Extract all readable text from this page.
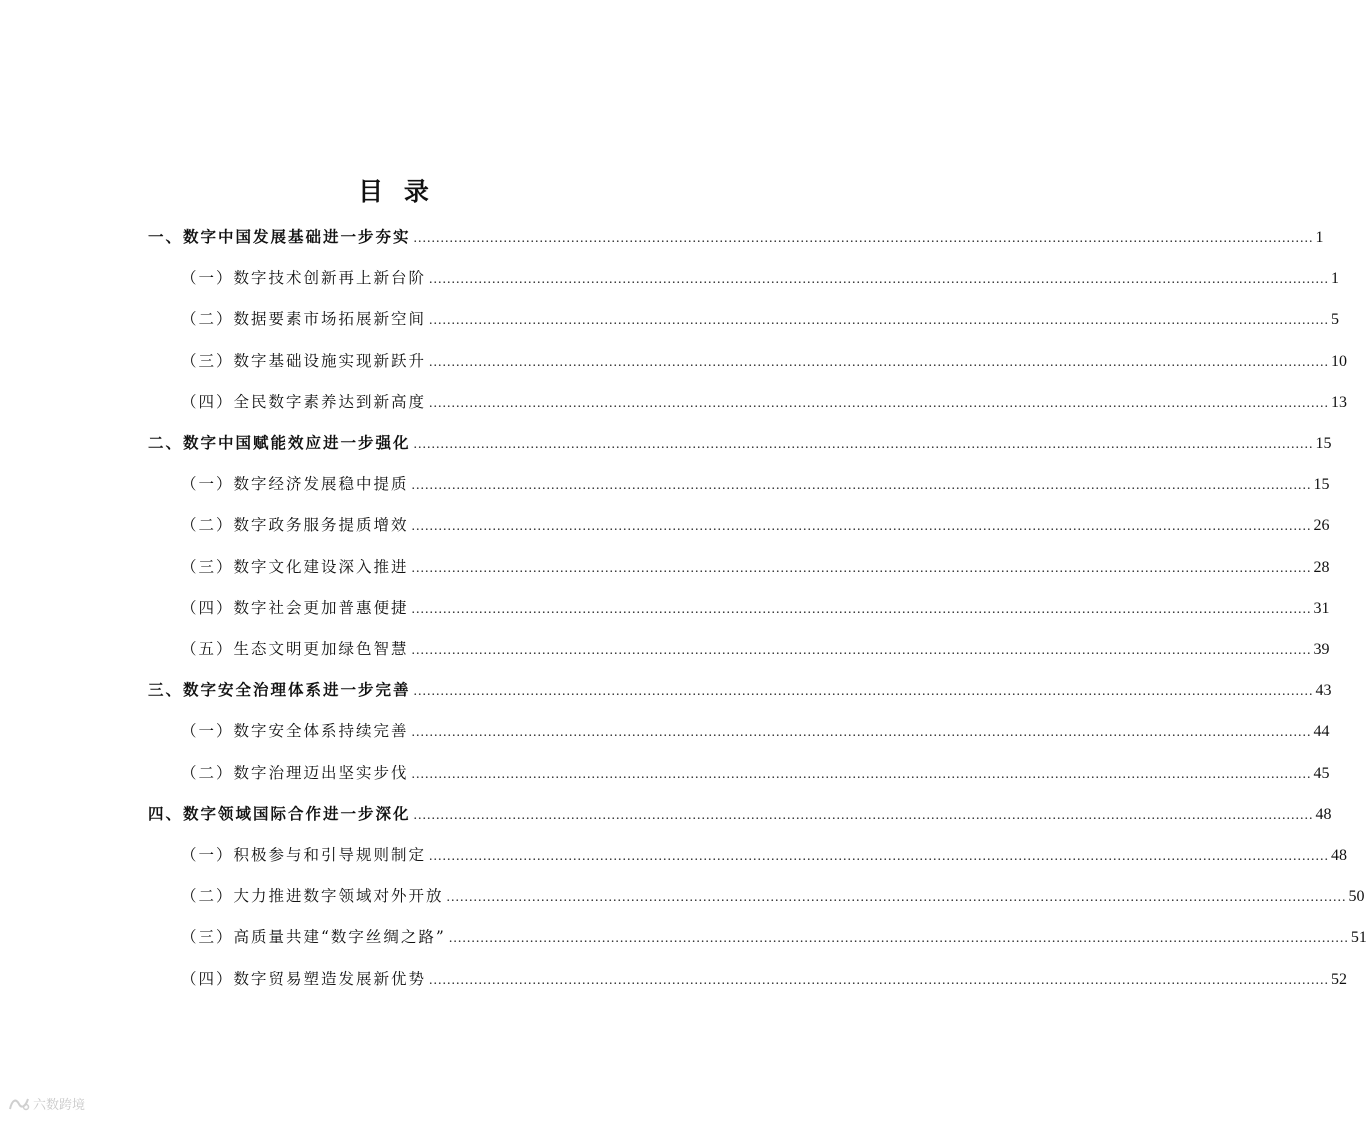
目 录
一、 数字中国发展基础进一步夯实 ........................................................................................................................................................................................................ 1
（一）数字技术创新再上新台阶 ........................................................................................................................................................................................................ 1
（二）数据要素市场拓展新空间 ........................................................................................................................................................................................................ 5
（三）数字基础设施实现新跃升 ........................................................................................................................................................................................................ 10
（四）全民数字素养达到新高度 ........................................................................................................................................................................................................ 13
二、 数字中国赋能效应进一步强化 ........................................................................................................................................................................................................ 15
（一）数字经济发展稳中提质 ........................................................................................................................................................................................................ 15
（二）数字政务服务提质增效 ........................................................................................................................................................................................................ 26
（三）数字文化建设深入推进 ........................................................................................................................................................................................................ 28
（四）数字社会更加普惠便捷 ........................................................................................................................................................................................................ 31
（五）生态文明更加绿色智慧 ........................................................................................................................................................................................................ 39
三、 数字安全治理体系进一步完善 ........................................................................................................................................................................................................ 43
（一）数字安全体系持续完善 ........................................................................................................................................................................................................ 44
（二）数字治理迈出坚实步伐 ........................................................................................................................................................................................................ 45
四、 数字领域国际合作进一步深化 ........................................................................................................................................................................................................ 48
（一）积极参与和引导规则制定 ........................................................................................................................................................................................................ 48
（二）大力推进数字领域对外开放 ........................................................................................................................................................................................................ 50
（三）高质量共建“数字丝绸之路” ........................................................................................................................................................................................................ 51
（四）数字贸易塑造发展新优势 ........................................................................................................................................................................................................ 52
六数跨境
